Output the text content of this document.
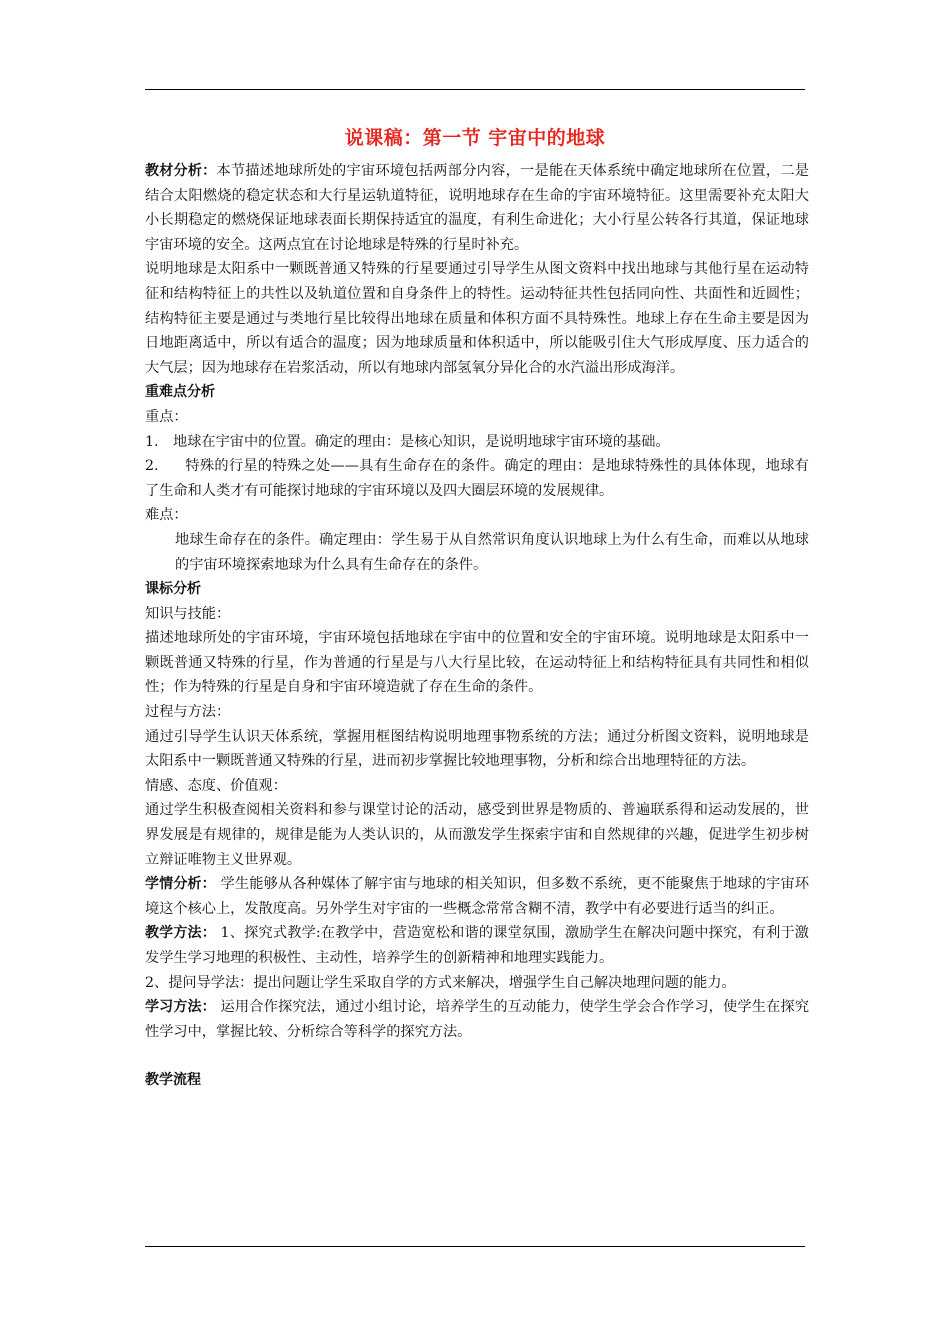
说课稿：第一节 宇宙中的地球

教材分析：本节描述地球所处的宇宙环境包括两部分内容，一是能在天体系统中确定地球所在位置，二是结合太阳燃烧的稳定状态和大行星运轨道特征，说明地球存在生命的宇宙环境特征。这里需要补充太阳大小长期稳定的燃烧保证地球表面长期保持适宜的温度，有利生命进化；大小行星公转各行其道，保证地球宇宙环境的安全。这两点宜在讨论地球是特殊的行星时补充。

说明地球是太阳系中一颗既普通又特殊的行星要通过引导学生从图文资料中找出地球与其他行星在运动特征和结构特征上的共性以及轨道位置和自身条件上的特性。运动特征共性包括同向性、共面性和近圆性；结构特征主要是通过与类地行星比较得出地球在质量和体积方面不具特殊性。地球上存在生命主要是因为日地距离适中，所以有适合的温度；因为地球质量和体积适中，所以能吸引住大气形成厚度、压力适合的大气层；因为地球存在岩浆活动，所以有地球内部氢氧分异化合的水汽溢出形成海洋。

重难点分析

重点：

1. 地球在宇宙中的位置。确定的理由：是核心知识，是说明地球宇宙环境的基础。

2. 特殊的行星的特殊之处——具有生命存在的条件。确定的理由：是地球特殊性的具体体现，地球有了生命和人类才有可能探讨地球的宇宙环境以及四大圈层环境的发展规律。

难点：

地球生命存在的条件。确定理由：学生易于从自然常识角度认识地球上为什么有生命，而难以从地球的宇宙环境探索地球为什么具有生命存在的条件。

课标分析

知识与技能：

描述地球所处的宇宙环境，宇宙环境包括地球在宇宙中的位置和安全的宇宙环境。说明地球是太阳系中一颗既普通又特殊的行星，作为普通的行星是与八大行星比较，在运动特征上和结构特征具有共同性和相似性；作为特殊的行星是自身和宇宙环境造就了存在生命的条件。

过程与方法：

通过引导学生认识天体系统，掌握用框图结构说明地理事物系统的方法；通过分析图文资料，说明地球是太阳系中一颗既普通又特殊的行星，进而初步掌握比较地理事物，分析和综合出地理特征的方法。

情感、态度、价值观：

通过学生积极查阅相关资料和参与课堂讨论的活动，感受到世界是物质的、普遍联系得和运动发展的，世界发展是有规律的，规律是能为人类认识的，从而激发学生探索宇宙和自然规律的兴趣，促进学生初步树立辩证唯物主义世界观。

学情分析： 学生能够从各种媒体了解宇宙与地球的相关知识，但多数不系统，更不能聚焦于地球的宇宙环境这个核心上，发散度高。另外学生对宇宙的一些概念常常含糊不清，教学中有必要进行适当的纠正。

教学方法： 1、探究式教学:在教学中，营造宽松和谐的课堂氛围，激励学生在解决问题中探究，有利于激发学生学习地理的积极性、主动性，培养学生的创新精神和地理实践能力。

2、提问导学法：提出问题让学生采取自学的方式来解决，增强学生自己解决地理问题的能力。

学习方法： 运用合作探究法，通过小组讨论，培养学生的互动能力，使学生学会合作学习，使学生在探究性学习中，掌握比较、分析综合等科学的探究方法。

教学流程
